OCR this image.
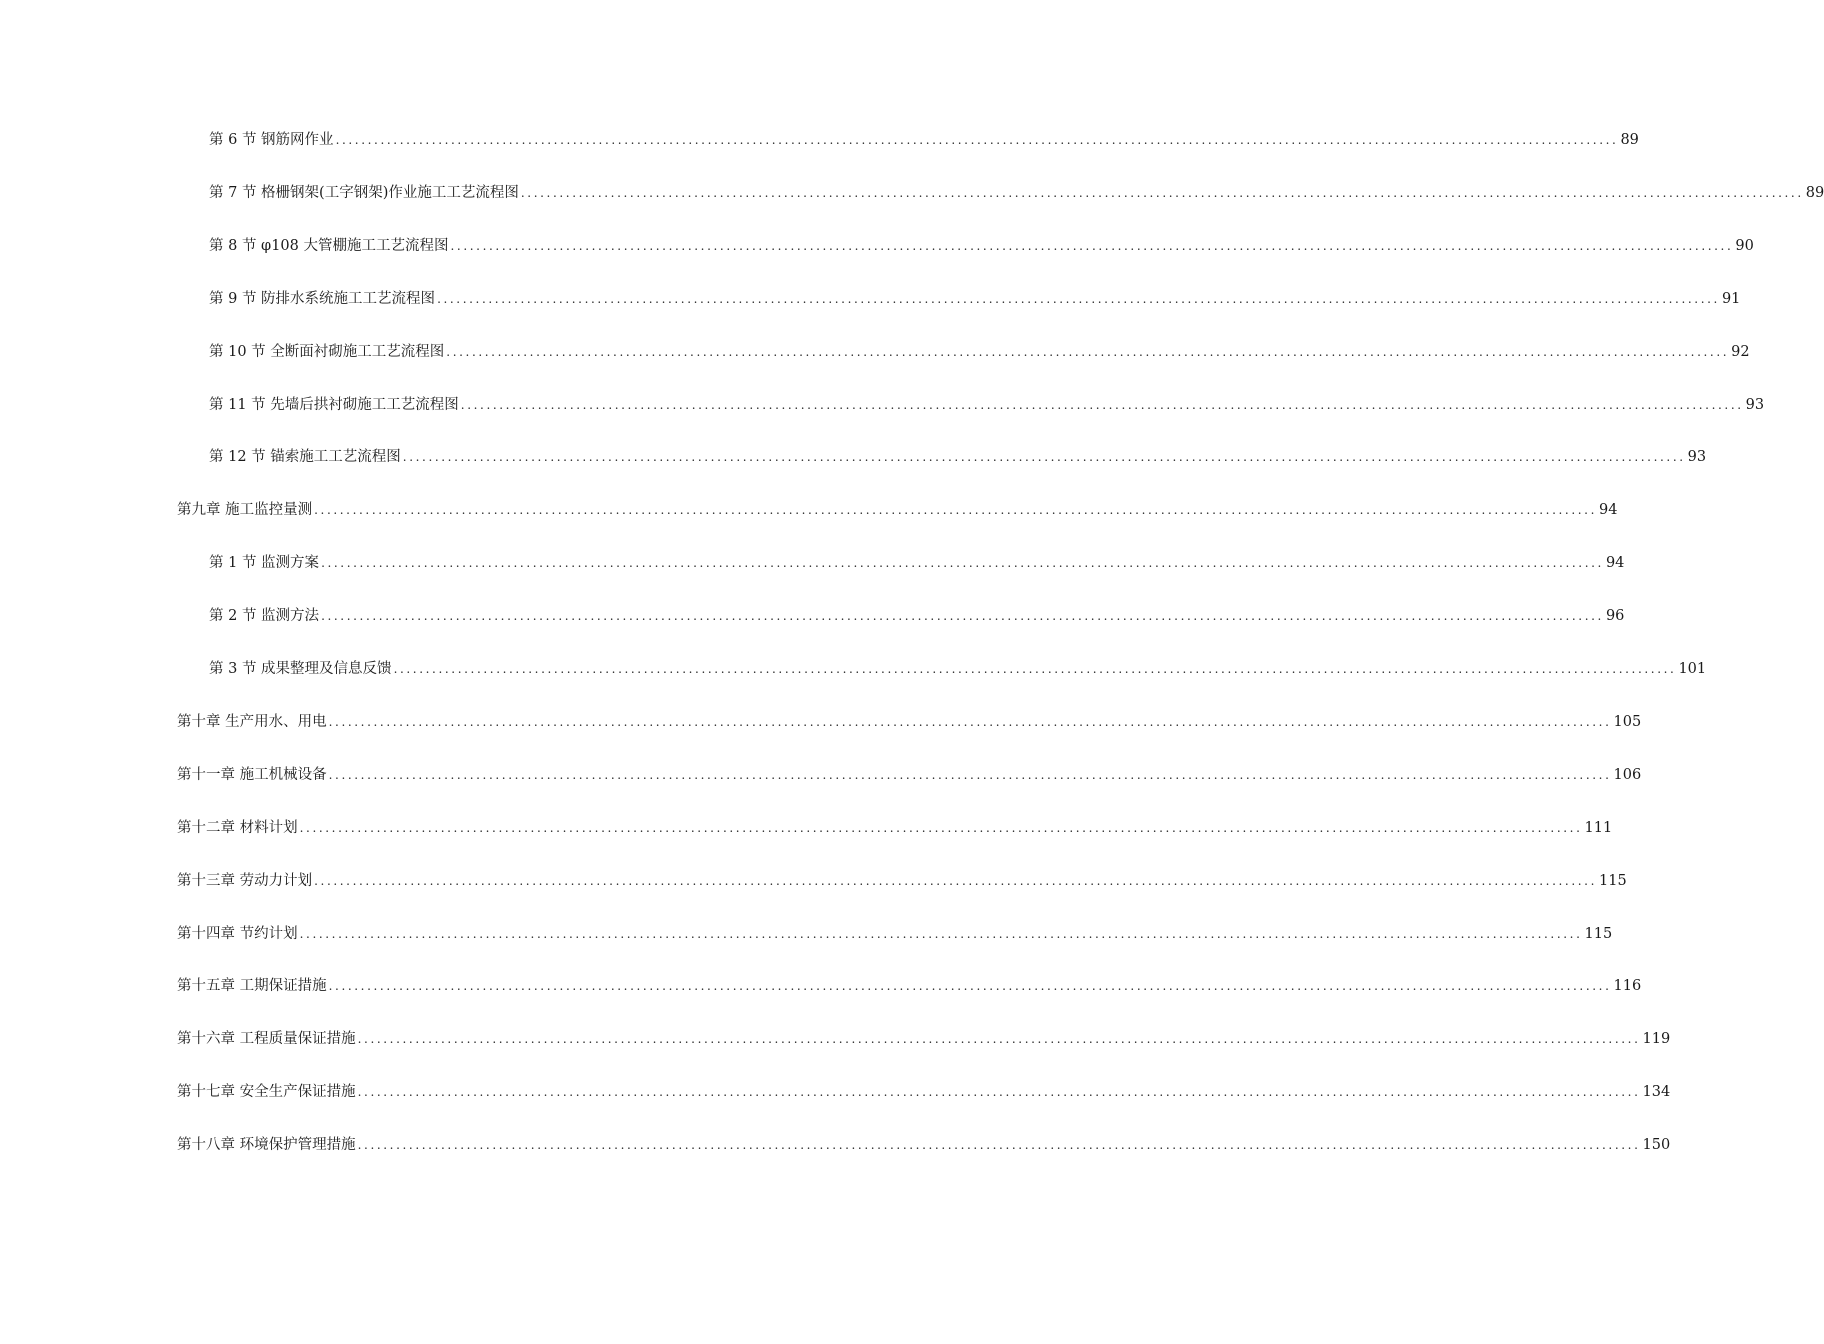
第 6 节 钢筋网作业 ........................................................................................................................................................................................................ 89
第 7 节 格栅钢架(工字钢架)作业施工工艺流程图 ........................................................................................................................................................................................................ 89
第 8 节 φ108 大管棚施工工艺流程图 ........................................................................................................................................................................................................ 90
第 9 节 防排水系统施工工艺流程图 ........................................................................................................................................................................................................ 91
第 10 节 全断面衬砌施工工艺流程图 ........................................................................................................................................................................................................ 92
第 11 节 先墙后拱衬砌施工工艺流程图 ........................................................................................................................................................................................................ 93
第 12 节 锚索施工工艺流程图 ........................................................................................................................................................................................................ 93
第九章 施工监控量测 ........................................................................................................................................................................................................ 94
第 1 节 监测方案 ........................................................................................................................................................................................................ 94
第 2 节 监测方法 ........................................................................................................................................................................................................ 96
第 3 节 成果整理及信息反馈 ........................................................................................................................................................................................................ 101
第十章 生产用水、用电 ........................................................................................................................................................................................................ 105
第十一章 施工机械设备 ........................................................................................................................................................................................................ 106
第十二章 材料计划 ........................................................................................................................................................................................................ 111
第十三章 劳动力计划 ........................................................................................................................................................................................................ 115
第十四章 节约计划 ........................................................................................................................................................................................................ 115
第十五章 工期保证措施 ........................................................................................................................................................................................................ 116
第十六章 工程质量保证措施 ........................................................................................................................................................................................................ 119
第十七章 安全生产保证措施 ........................................................................................................................................................................................................ 134
第十八章 环境保护管理措施 ........................................................................................................................................................................................................ 150
